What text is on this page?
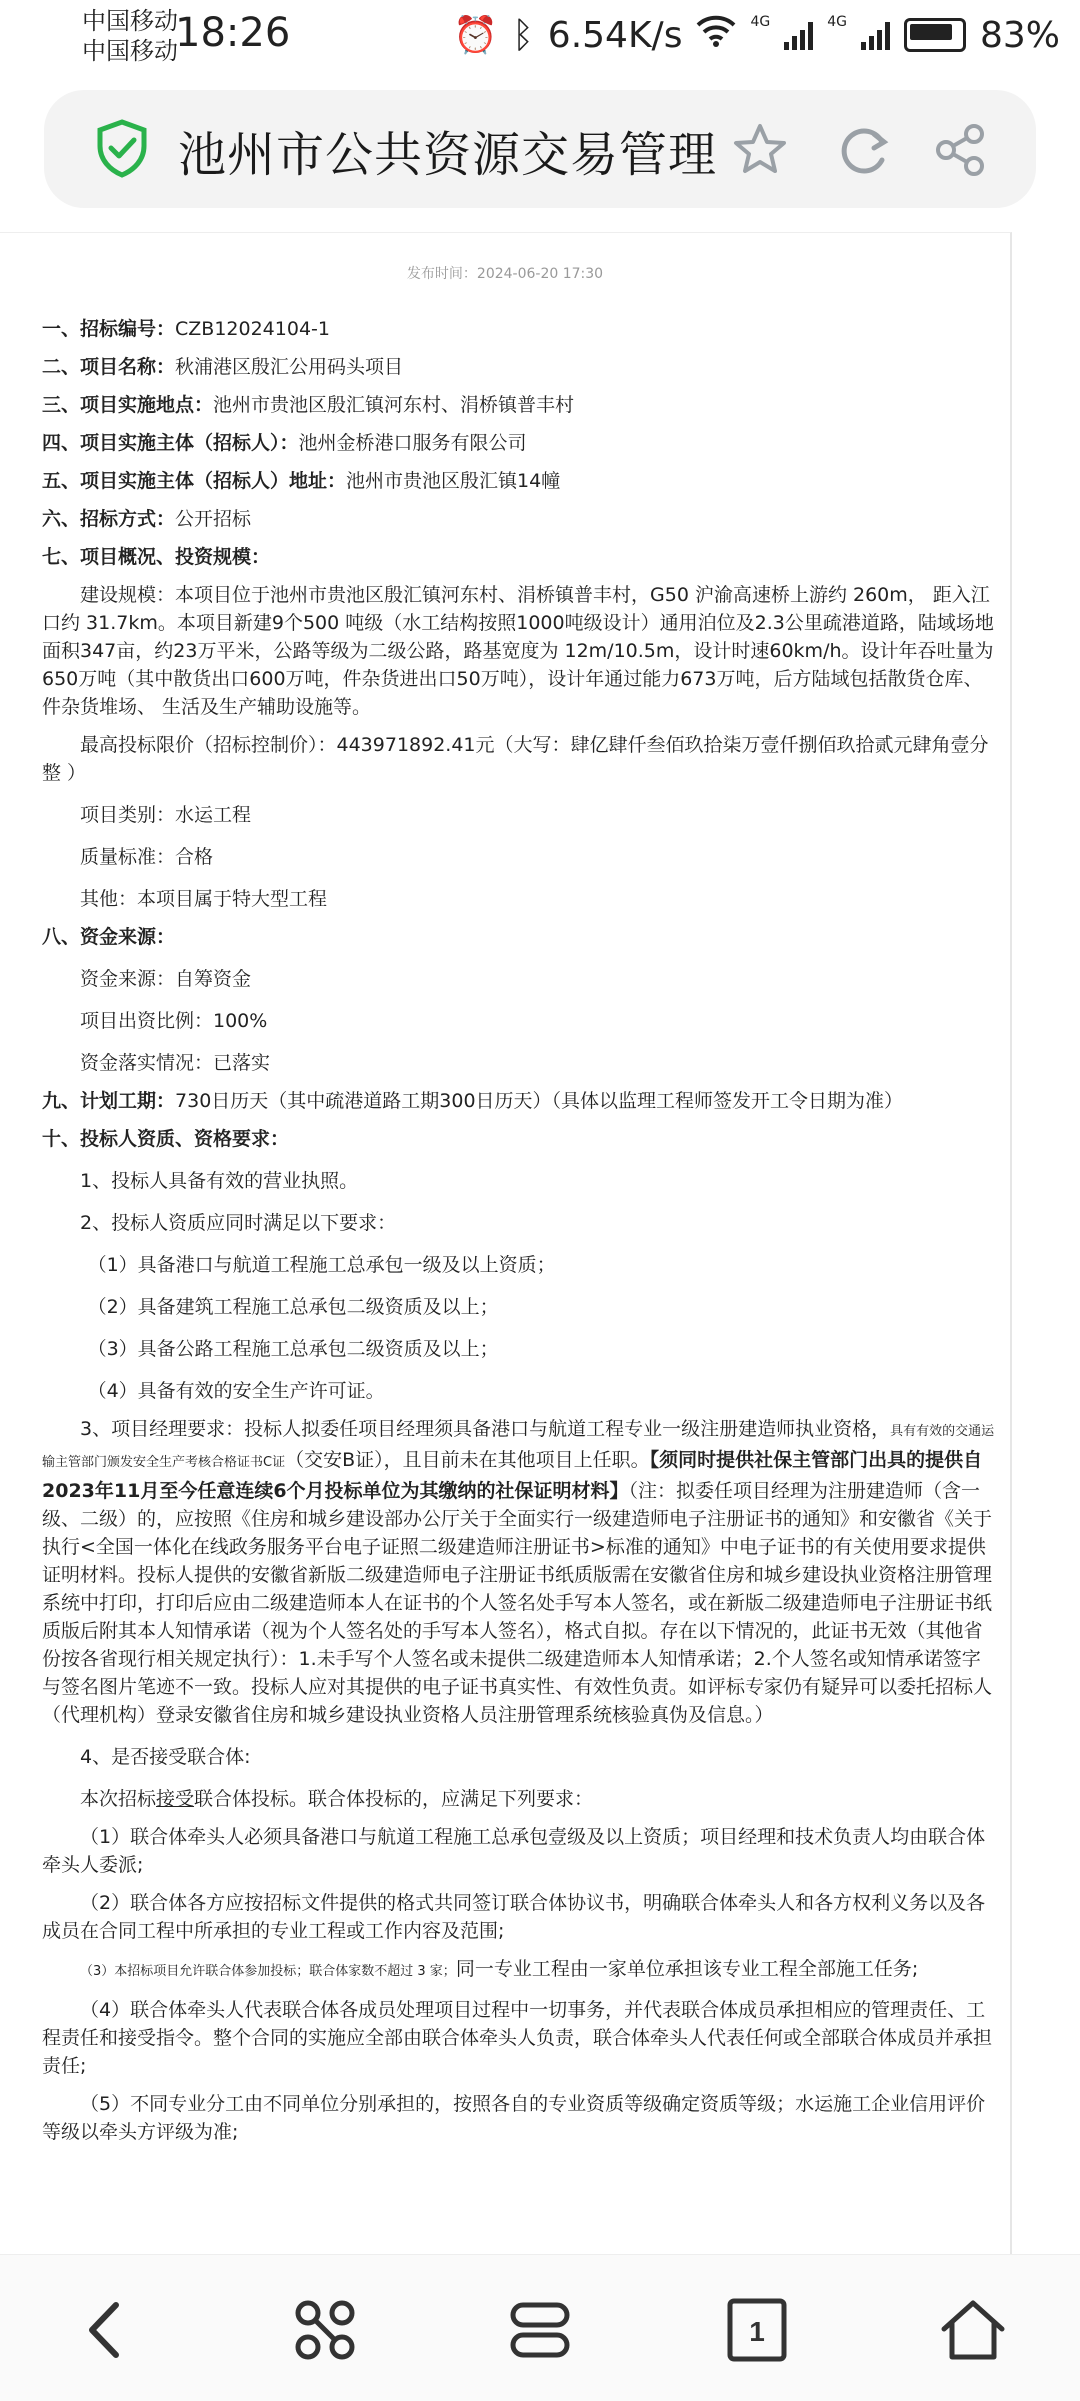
中国移动
中国移动
18:26	⏰ ᛒ 6.54K/s	4G	4G	83%
池州市公共资源交易管理
发布时间：2024-06-20 17:30

一、招标编号：CZB12024104-1

二、项目名称：秋浦港区殷汇公用码头项目

三、项目实施地点：池州市贵池区殷汇镇河东村、涓桥镇普丰村

四、项目实施主体（招标人）：池州金桥港口服务有限公司

五、项目实施主体（招标人）地址：池州市贵池区殷汇镇14幢

六、招标方式：公开招标

七、项目概况、投资规模：

建设规模：本项目位于池州市贵池区殷汇镇河东村、涓桥镇普丰村，G50 沪渝高速桥上游约 260m， 距入江口约 31.7km。本项目新建9个500 吨级（水工结构按照1000吨级设计）通用泊位及2.3公里疏港道路，陆域场地面积347亩，约23万平米，公路等级为二级公路，路基宽度为 12m/10.5m，设计时速60km/h。设计年吞吐量为650万吨（其中散货出口600万吨，件杂货进出口50万吨），设计年通过能力673万吨，后方陆域包括散货仓库、件杂货堆场、 生活及生产辅助设施等。

最高投标限价（招标控制价）：443971892.41元（大写：肆亿肆仟叁佰玖拾柒万壹仟捌佰玖拾贰元肆角壹分整 ）

项目类别：水运工程

质量标准：合格

其他：本项目属于特大型工程

八、资金来源：

资金来源：自筹资金

项目出资比例：100%

资金落实情况：已落实

九、计划工期：730日历天（其中疏港道路工期300日历天）（具体以监理工程师签发开工令日期为准）

十、投标人资质、资格要求：

1、投标人具备有效的营业执照。

2、投标人资质应同时满足以下要求：

（1）具备港口与航道工程施工总承包一级及以上资质；

（2）具备建筑工程施工总承包二级资质及以上；

（3）具备公路工程施工总承包二级资质及以上；

（4）具备有效的安全生产许可证。

3、项目经理要求：投标人拟委任项目经理须具备港口与航道工程专业一级注册建造师执业资格，具有有效的交通运输主管部门颁发安全生产考核合格证书C证（交安B证），且目前未在其他项目上任职。【须同时提供社保主管部门出具的提供自2023年11月至今任意连续6个月投标单位为其缴纳的社保证明材料】（注：拟委任项目经理为注册建造师（含一级、二级）的，应按照《住房和城乡建设部办公厅关于全面实行一级建造师电子注册证书的通知》和安徽省《关于执行<全国一体化在线政务服务平台电子证照二级建造师注册证书>标准的通知》中电子证书的有关使用要求提供证明材料。投标人提供的安徽省新版二级建造师电子注册证书纸质版需在安徽省住房和城乡建设执业资格注册管理系统中打印，打印后应由二级建造师本人在证书的个人签名处手写本人签名，或在新版二级建造师电子注册证书纸质版后附其本人知情承诺（视为个人签名处的手写本人签名），格式自拟。存在以下情况的，此证书无效（其他省份按各省现行相关规定执行）：1.未手写个人签名或未提供二级建造师本人知情承诺；2.个人签名或知情承诺签字与签名图片笔迹不一致。投标人应对其提供的电子证书真实性、有效性负责。如评标专家仍有疑异可以委托招标人（代理机构）登录安徽省住房和城乡建设执业资格人员注册管理系统核验真伪及信息。）

4、是否接受联合体:

本次招标接受联合体投标。联合体投标的，应满足下列要求：

（1）联合体牵头人必须具备港口与航道工程施工总承包壹级及以上资质；项目经理和技术负责人均由联合体牵头人委派;

（2）联合体各方应按招标文件提供的格式共同签订联合体协议书，明确联合体牵头人和各方权利义务以及各成员在合同工程中所承担的专业工程或工作内容及范围;

（3）本招标项目允许联合体参加投标；联合体家数不超过 3 家；同一专业工程由一家单位承担该专业工程全部施工任务;

（4）联合体牵头人代表联合体各成员处理项目过程中一切事务，并代表联合体成员承担相应的管理责任、工程责任和接受指令。整个合同的实施应全部由联合体牵头人负责，联合体牵头人代表任何或全部联合体成员并承担责任;

（5）不同专业分工由不同单位分别承担的，按照各自的专业资质等级确定资质等级；水运施工企业信用评价等级以牵头方评级为准;

1
